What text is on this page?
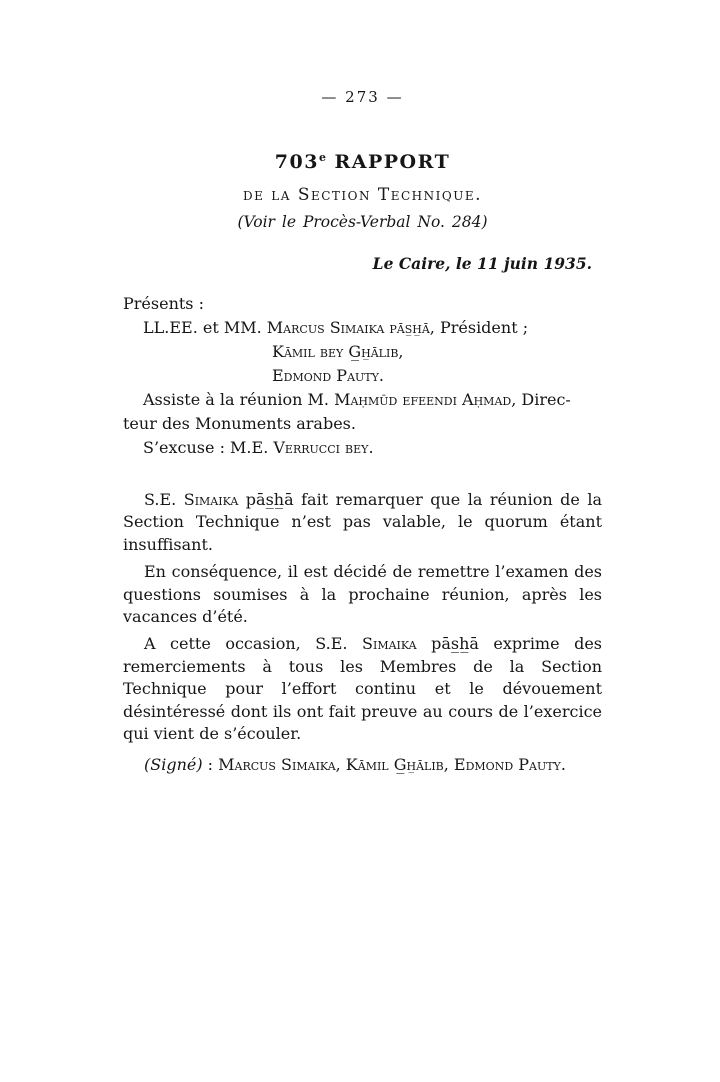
— 273 —
703e RAPPORT
de la Section Technique.
(Voir le Procès-Verbal No. 284)
Le Caire, le 11 juin 1935.
Présents :
LL.EE. et MM. Marcus Simaika pās̲h̲ā, Président ;
Kāmil bey G̲h̲ālib,
Edmond Pauty.
Assiste à la réunion M. Maḥmūd efeendi Aḥmad, Direc-
teur des Monuments arabes.
S’excuse : M.E. Verrucci bey.

S.E. Simaika pās̲h̲ā fait remarquer que la réunion de la Section Technique n’est pas valable, le quorum étant insuffisant.

En conséquence, il est décidé de remettre l’examen des questions soumises à la prochaine réunion, après les vacances d’été.

A cette occasion, S.E. Simaika pās̲h̲ā exprime des remerciements à tous les Membres de la Section Technique pour l’effort continu et le dévouement désintéressé dont ils ont fait preuve au cours de l’exercice qui vient de s’écouler.

(Signé) : Marcus Simaika, Kāmil G̲h̲ālib, Edmond Pauty.
